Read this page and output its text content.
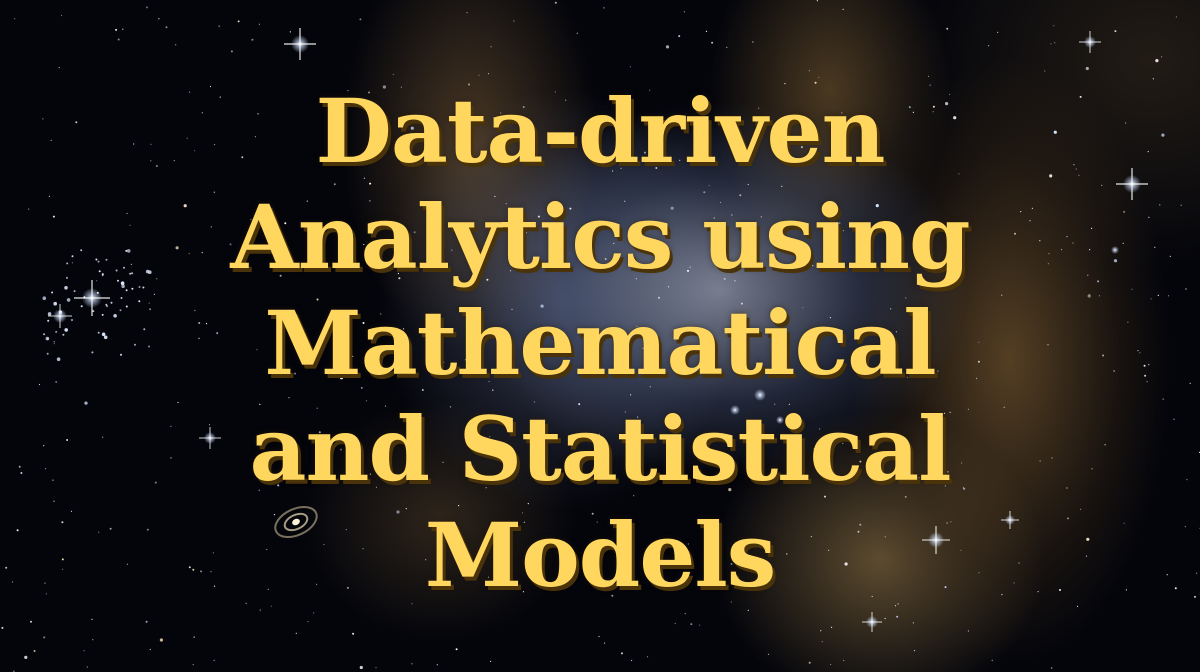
Data-driven
Analytics using
Mathematical
and Statistical
Models
